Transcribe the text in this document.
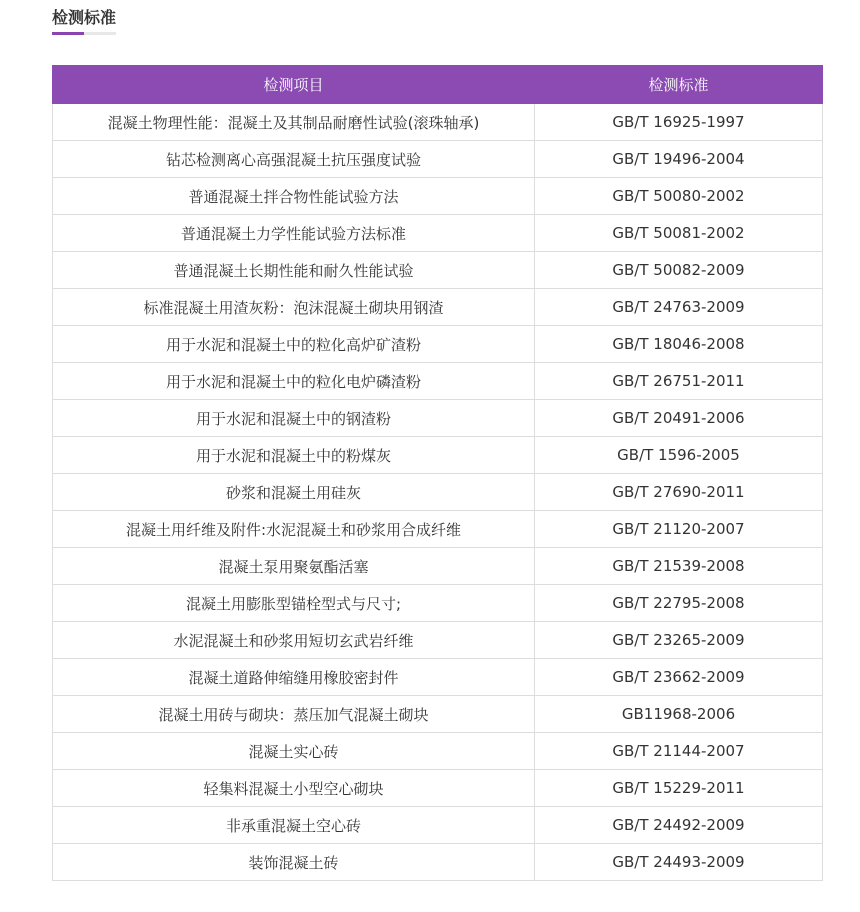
检测标准
检测项目	检测标准
混凝土物理性能：混凝土及其制品耐磨性试验(滚珠轴承)	GB/T 16925-1997
钻芯检测离心高强混凝土抗压强度试验	GB/T 19496-2004
普通混凝土拌合物性能试验方法	GB/T 50080-2002
普通混凝土力学性能试验方法标准	GB/T 50081-2002
普通混凝土长期性能和耐久性能试验	GB/T 50082-2009
标准混凝土用渣灰粉：泡沫混凝土砌块用钢渣	GB/T 24763-2009
用于水泥和混凝土中的粒化高炉矿渣粉	GB/T 18046-2008
用于水泥和混凝土中的粒化电炉磷渣粉	GB/T 26751-2011
用于水泥和混凝土中的钢渣粉	GB/T 20491-2006
用于水泥和混凝土中的粉煤灰	GB/T 1596-2005
砂浆和混凝土用硅灰	GB/T 27690-2011
混凝土用纤维及附件:水泥混凝土和砂浆用合成纤维	GB/T 21120-2007
混凝土泵用聚氨酯活塞	GB/T 21539-2008
混凝土用膨胀型锚栓型式与尺寸;	GB/T 22795-2008
水泥混凝土和砂浆用短切玄武岩纤维	GB/T 23265-2009
混凝土道路伸缩缝用橡胶密封件	GB/T 23662-2009
混凝土用砖与砌块：蒸压加气混凝土砌块	GB11968-2006
混凝土实心砖	GB/T 21144-2007
轻集料混凝土小型空心砌块	GB/T 15229-2011
非承重混凝土空心砖	GB/T 24492-2009
装饰混凝土砖	GB/T 24493-2009
